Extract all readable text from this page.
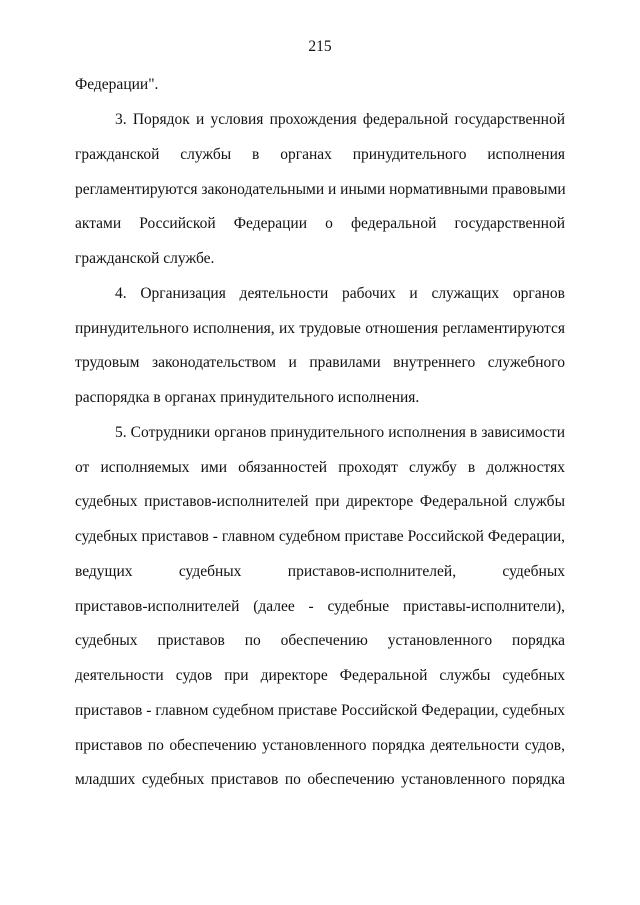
215
Федерации".
3. Порядок и условия прохождения федеральной государственной
гражданской службы в органах принудительного исполнения
регламентируются законодательными и иными нормативными правовыми
актами Российской Федерации о федеральной государственной
гражданской службе.
4. Организация деятельности рабочих и служащих органов
принудительного исполнения, их трудовые отношения регламентируются
трудовым законодательством и правилами внутреннего служебного
распорядка в органах принудительного исполнения.
5. Сотрудники органов принудительного исполнения в зависимости
от исполняемых ими обязанностей проходят службу в должностях
судебных приставов-исполнителей при директоре Федеральной службы
судебных приставов - главном судебном приставе Российской Федерации,
ведущих судебных приставов-исполнителей, судебных
приставов-исполнителей (далее - судебные приставы-исполнители),
судебных приставов по обеспечению установленного порядка
деятельности судов при директоре Федеральной службы судебных
приставов - главном судебном приставе Российской Федерации, судебных
приставов по обеспечению установленного порядка деятельности судов,
младших судебных приставов по обеспечению установленного порядка
